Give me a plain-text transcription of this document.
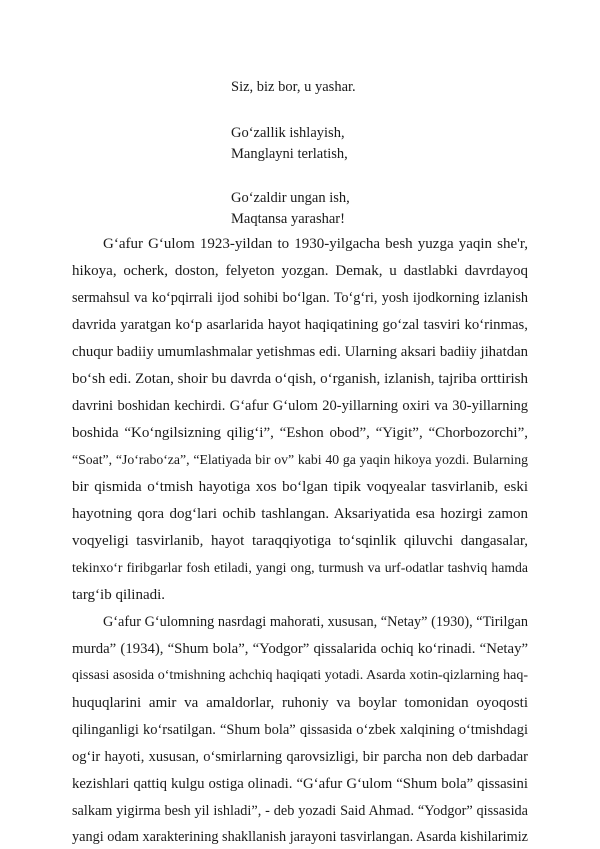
Siz, biz bor, u yashar.
Go‘zallik ishlayish,
Manglayni terlatish,
Go‘zaldir ungan ish,
Maqtansa yarashar!
G‘afur G‘ulom 1923-yildan to 1930-yilgacha besh yuzga yaqin she'r,
hikoya, ocherk, doston, felyeton yozgan. Demak, u dastlabki davrdayoq
sermahsul va ko‘pqirrali ijod sohibi bo‘lgan. To‘g‘ri, yosh ijodkorning izlanish
davrida yaratgan ko‘p asarlarida hayot haqiqatining go‘zal tasviri ko‘rinmas,
chuqur badiiy umumlashmalar yetishmas edi. Ularning aksari badiiy jihatdan
bo‘sh edi. Zotan, shoir bu davrda o‘qish, o‘rganish, izlanish, tajriba orttirish
davrini boshidan kechirdi. G‘afur G‘ulom 20-yillarning oxiri va 30-yillarning
boshida “Ko‘ngilsizning qilig‘i”, “Eshon obod”, “Yigit”, “Chorbozorchi”,
“Soat”, “Jo‘rabo‘za”, “Elatiyada bir ov” kabi 40 ga yaqin hikoya yozdi. Bularning
bir qismida o‘tmish hayotiga xos bo‘lgan tipik voqyealar tasvirlanib, eski
hayotning qora dog‘lari ochib tashlangan. Aksariyatida esa hozirgi zamon
voqyeligi tasvirlanib, hayot taraqqiyotiga to‘sqinlik qiluvchi dangasalar,
tekinxo‘r firibgarlar fosh etiladi, yangi ong, turmush va urf-odatlar tashviq hamda
targ‘ib qilinadi.
G‘afur G‘ulomning nasrdagi mahorati, xususan, “Netay” (1930), “Tirilgan
murda” (1934), “Shum bola”, “Yodgor” qissalarida ochiq ko‘rinadi. “Netay”
qissasi asosida o‘tmishning achchiq haqiqati yotadi. Asarda xotin-qizlarning haq-
huquqlarini amir va amaldorlar, ruhoniy va boylar tomonidan oyoqosti
qilinganligi ko‘rsatilgan. “Shum bola” qissasida o‘zbek xalqining o‘tmishdagi
og‘ir hayoti, xususan, o‘smirlarning qarovsizligi, bir parcha non deb darbadar
kezishlari qattiq kulgu ostiga olinadi. “G‘afur G‘ulom “Shum bola” qissasini
salkam yigirma besh yil ishladi”, - deb yozadi Said Ahmad. “Yodgor” qissasida
yangi odam xarakterining shakllanish jarayoni tasvirlangan. Asarda kishilarimiz
